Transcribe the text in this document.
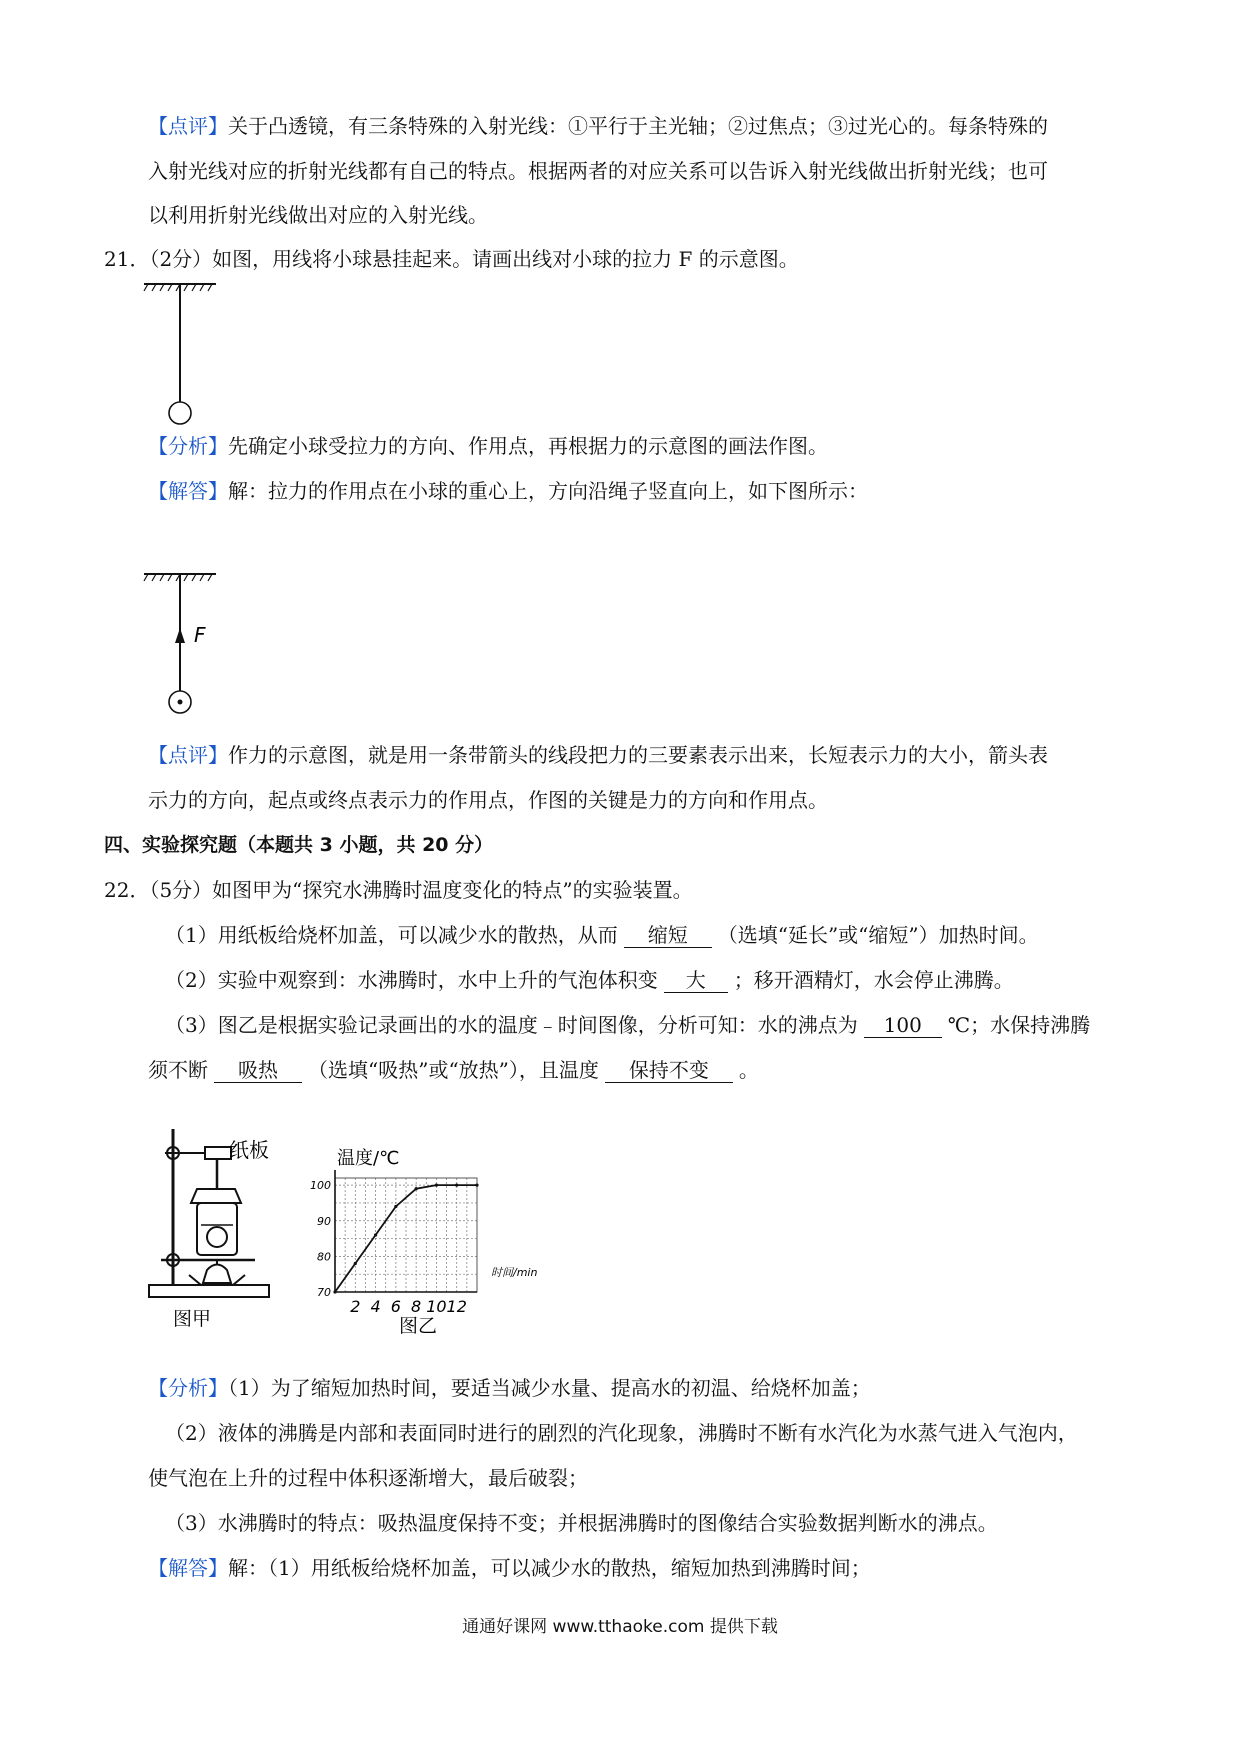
【点评】关于凸透镜，有三条特殊的入射光线：①平行于主光轴；②过焦点；③过光心的。每条特殊的
入射光线对应的折射光线都有自己的特点。根据两者的对应关系可以告诉入射光线做出折射光线；也可
以利用折射光线做出对应的入射光线。
21．（2分）如图，用线将小球悬挂起来。请画出线对小球的拉力 F 的示意图。
【分析】先确定小球受拉力的方向、作用点，再根据力的示意图的画法作图。
【解答】解：拉力的作用点在小球的重心上，方向沿绳子竖直向上，如下图所示：
F
【点评】作力的示意图，就是用一条带箭头的线段把力的三要素表示出来，长短表示力的大小，箭头表
示力的方向，起点或终点表示力的作用点，作图的关键是力的方向和作用点。
四、实验探究题（本题共 3 小题，共 20 分）
22．（5分）如图甲为“探究水沸腾时温度变化的特点”的实验装置。
（1）用纸板给烧杯加盖，可以减少水的散热，从而 缩短 （选填“延长”或“缩短”）加热时间。
（2）实验中观察到：水沸腾时，水中上升的气泡体积变 大 ；移开酒精灯，水会停止沸腾。
（3）图乙是根据实验记录画出的水的温度﹣时间图像，分析可知：水的沸点为 100 ℃；水保持沸腾
须不断 吸热 （选填“吸热”或“放热”），且温度 保持不变 。
纸板
图甲
温度/℃
时间/min
图乙
2 4 6 8 10 12
70
80
90
100
【分析】（1）为了缩短加热时间，要适当减少水量、提高水的初温、给烧杯加盖；
（2）液体的沸腾是内部和表面同时进行的剧烈的汽化现象，沸腾时不断有水汽化为水蒸气进入气泡内，
使气泡在上升的过程中体积逐渐增大，最后破裂；
（3）水沸腾时的特点：吸热温度保持不变；并根据沸腾时的图像结合实验数据判断水的沸点。
【解答】解：（1）用纸板给烧杯加盖，可以减少水的散热，缩短加热到沸腾时间；
通通好课网 www.tthaoke.com 提供下载
